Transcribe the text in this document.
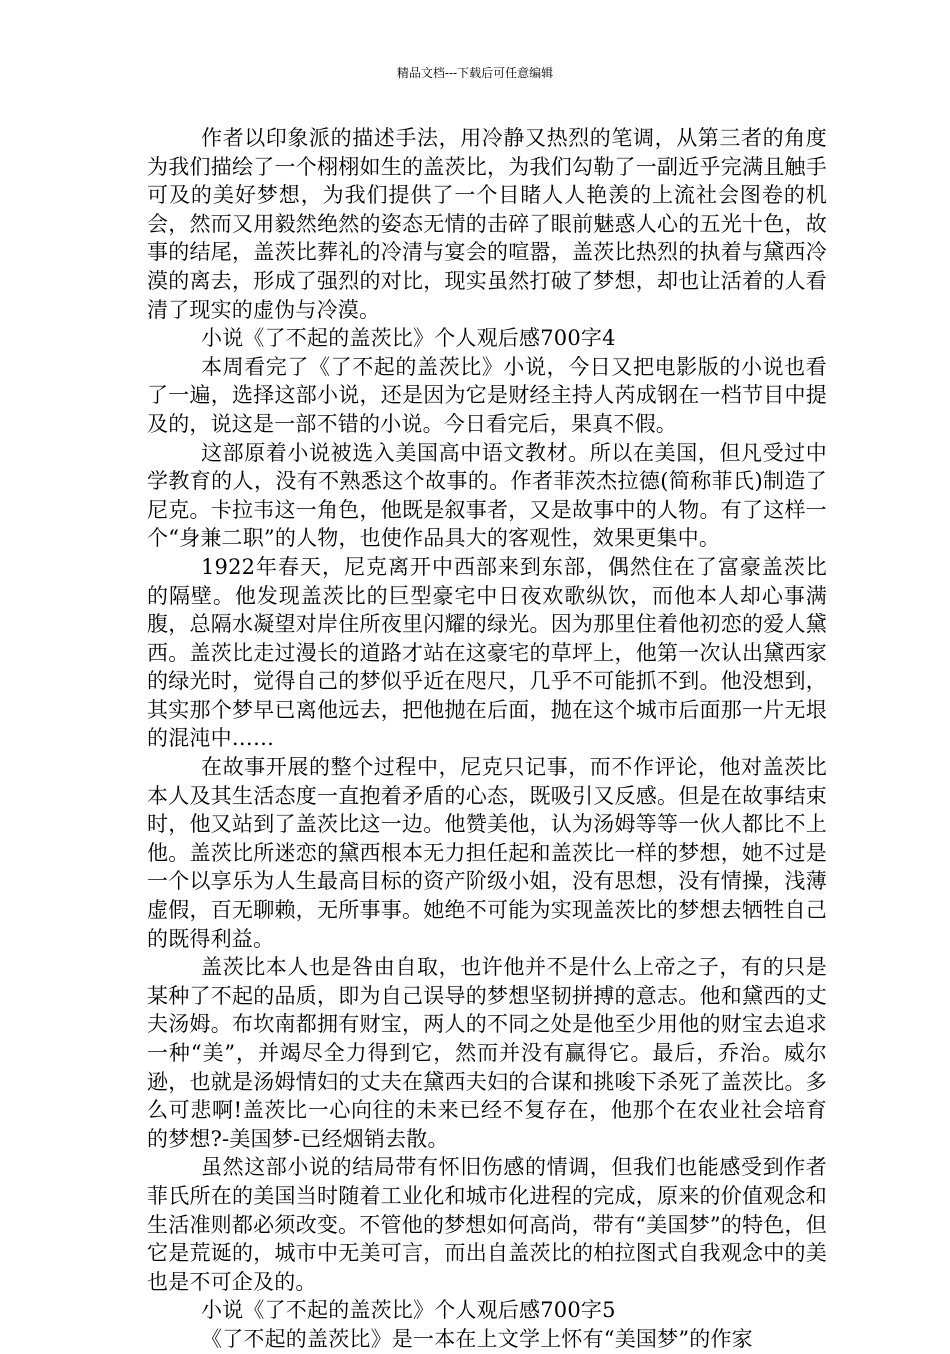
精品文档---下载后可任意编辑

作者以印象派的描述手法，用冷静又热烈的笔调，从第三者的角度为我们描绘了一个栩栩如生的盖茨比，为我们勾勒了一副近乎完满且触手可及的美好梦想，为我们提供了一个目睹人人艳羡的上流社会图卷的机会，然而又用毅然绝然的姿态无情的击碎了眼前魅惑人心的五光十色，故事的结尾，盖茨比葬礼的冷清与宴会的喧嚣，盖茨比热烈的执着与黛西冷漠的离去，形成了强烈的对比，现实虽然打破了梦想，却也让活着的人看清了现实的虚伪与冷漠。

小说《了不起的盖茨比》个人观后感700字4

本周看完了《了不起的盖茨比》小说，今日又把电影版的小说也看了一遍，选择这部小说，还是因为它是财经主持人芮成钢在一档节目中提及的，说这是一部不错的小说。今日看完后，果真不假。

这部原着小说被选入美国高中语文教材。所以在美国，但凡受过中学教育的人，没有不熟悉这个故事的。作者菲茨杰拉德(简称菲氏)制造了尼克。卡拉韦这一角色，他既是叙事者，又是故事中的人物。有了这样一个“身兼二职”的人物，也使作品具大的客观性，效果更集中。

1922年春天，尼克离开中西部来到东部，偶然住在了富豪盖茨比的隔壁。他发现盖茨比的巨型豪宅中日夜欢歌纵饮，而他本人却心事满腹，总隔水凝望对岸住所夜里闪耀的绿光。因为那里住着他初恋的爱人黛西。盖茨比走过漫长的道路才站在这豪宅的草坪上，他第一次认出黛西家的绿光时，觉得自己的梦似乎近在咫尺，几乎不可能抓不到。他没想到，其实那个梦早已离他远去，把他抛在后面，抛在这个城市后面那一片无垠的混沌中……

在故事开展的整个过程中，尼克只记事，而不作评论，他对盖茨比本人及其生活态度一直抱着矛盾的心态，既吸引又反感。但是在故事结束时，他又站到了盖茨比这一边。他赞美他，认为汤姆等等一伙人都比不上他。盖茨比所迷恋的黛西根本无力担任起和盖茨比一样的梦想，她不过是一个以享乐为人生最高目标的资产阶级小姐，没有思想，没有情操，浅薄虚假，百无聊赖，无所事事。她绝不可能为实现盖茨比的梦想去牺牲自己的既得利益。

盖茨比本人也是咎由自取，也许他并不是什么上帝之子，有的只是某种了不起的品质，即为自己误导的梦想坚韧拼搏的意志。他和黛西的丈夫汤姆。布坎南都拥有财宝，两人的不同之处是他至少用他的财宝去追求一种“美”，并竭尽全力得到它，然而并没有赢得它。最后，乔治。威尔逊，也就是汤姆情妇的丈夫在黛西夫妇的合谋和挑唆下杀死了盖茨比。多么可悲啊!盖茨比一心向往的未来已经不复存在，他那个在农业社会培育的梦想?-美国梦-已经烟销去散。

虽然这部小说的结局带有怀旧伤感的情调，但我们也能感受到作者菲氏所在的美国当时随着工业化和城市化进程的完成，原来的价值观念和生活准则都必须改变。不管他的梦想如何高尚，带有“美国梦”的特色，但它是荒诞的，城市中无美可言，而出自盖茨比的柏拉图式自我观念中的美也是不可企及的。

小说《了不起的盖茨比》个人观后感700字5

《了不起的盖茨比》是一本在上文学上怀有“美国梦”的作家
